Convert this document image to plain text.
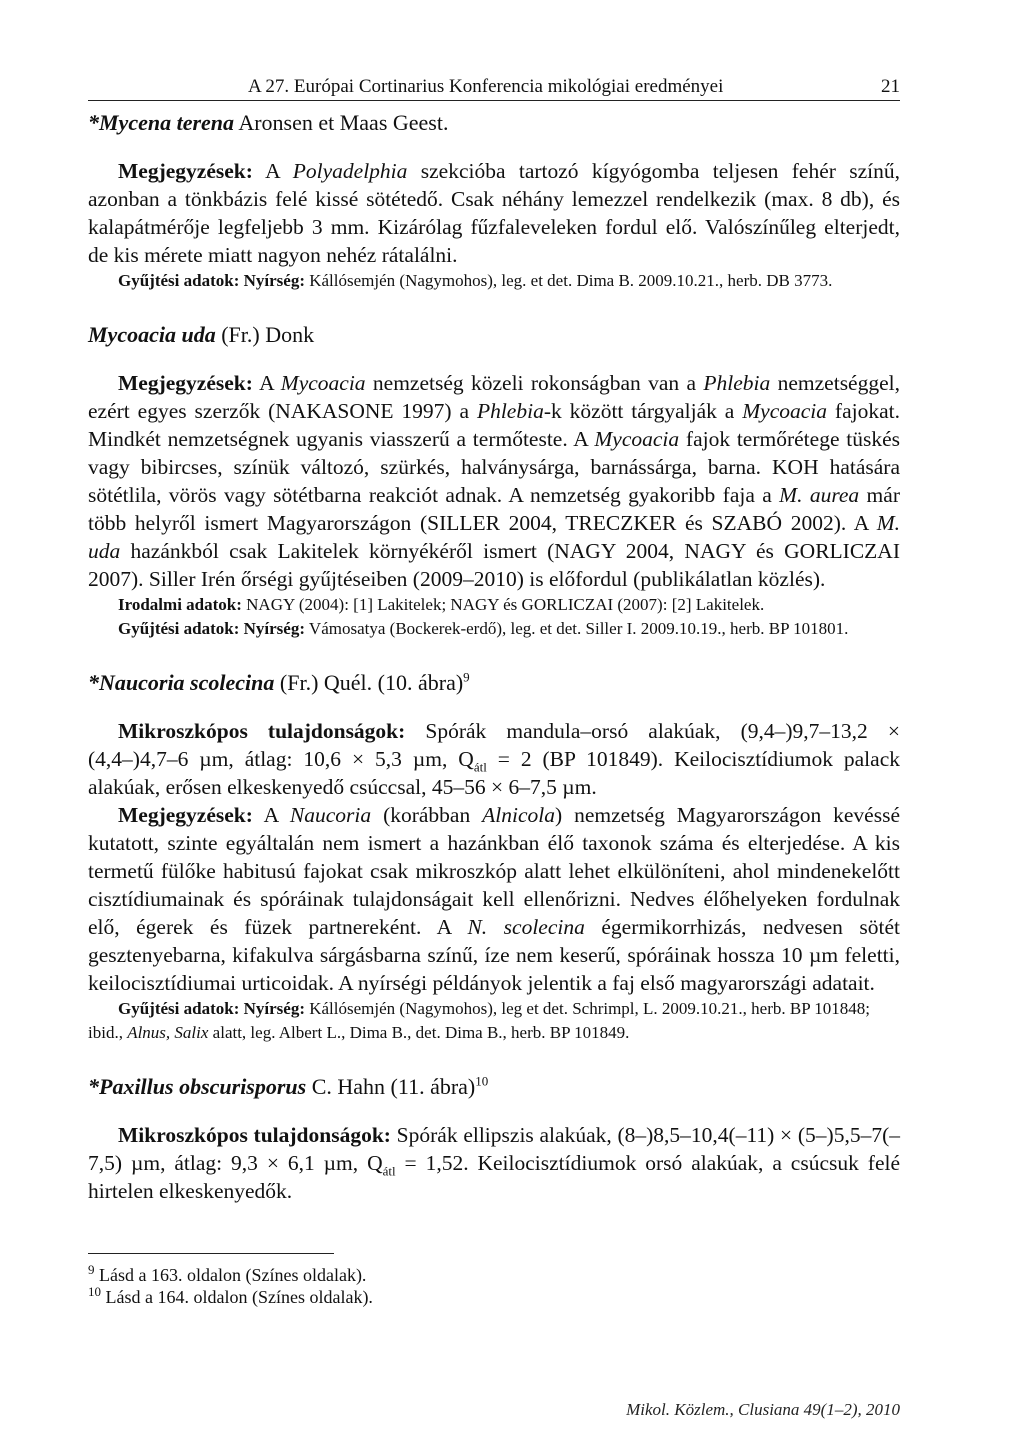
A 27. Európai Cortinarius Konferencia mikológiai eredményei	21
*Mycena terena Aronsen et Maas Geest.

Megjegyzések: A Polyadelphia szekcióba tartozó kígyógomba teljesen fehér színű, azonban a tönkbázis felé kissé sötétedő. Csak néhány lemezzel rendelkezik (max. 8 db), és kalapátmérője legfeljebb 3 mm. Kizárólag fűzfaleveleken fordul elő. Valószínűleg elterjedt, de kis mérete miatt nagyon nehéz rátalálni.

Gyűjtési adatok: Nyírség: Kállósemjén (Nagymohos), leg. et det. Dima B. 2009.10.21., herb. DB 3773.

Mycoacia uda (Fr.) Donk

Megjegyzések: A Mycoacia nemzetség közeli rokonságban van a Phlebia nemzetséggel, ezért egyes szerzők (NAKASONE 1997) a Phlebia-k között tárgyalják a Mycoacia fajokat. Mindkét nemzetségnek ugyanis viasszerű a termőteste. A Mycoacia fajok termőrétege tüskés vagy bibircses, színük változó, szürkés, halványsárga, barnássárga, barna. KOH hatására sötétlila, vörös vagy sötétbarna reakciót adnak. A nemzetség gyakoribb faja a M. aurea már több helyről ismert Magyarországon (SILLER 2004, TRECZKER és SZABÓ 2002). A M. uda hazánkból csak Lakitelek környékéről ismert (NAGY 2004, NAGY és GORLICZAI 2007). Siller Irén őrségi gyűjtéseiben (2009–2010) is előfordul (publikálatlan közlés).

Irodalmi adatok: NAGY (2004): [1] Lakitelek; NAGY és GORLICZAI (2007): [2] Lakitelek.

Gyűjtési adatok: Nyírség: Vámosatya (Bockerek-erdő), leg. et det. Siller I. 2009.10.19., herb. BP 101801.

*Naucoria scolecina (Fr.) Quél. (10. ábra)$^9$

Mikroszkópos tulajdonságok: Spórák mandula–orsó alakúak, (9,4–)9,7–13,2 × (4,4–)4,7–6 µm, átlag: 10,6 × 5,3 µm, $Q_{átl} = 2$ (BP 101849). Keilocisztídiumok palack alakúak, erősen elkeskenyedő csúccsal, 45–56 × 6–7,5 µm.

Megjegyzések: A Naucoria (korábban Alnicola) nemzetség Magyarországon kevéssé kutatott, szinte egyáltalán nem ismert a hazánkban élő taxonok száma és elterjedése. A kis termetű fülőke habitusú fajokat csak mikroszkóp alatt lehet elkülöníteni, ahol mindenekelőtt cisztídiumainak és spóráinak tulajdonságait kell ellenőrizni. Nedves élőhelyeken fordulnak elő, égerek és füzek partnereként. A N. scolecina égermikorrhizás, nedvesen sötét gesztenyebarna, kifakulva sárgásbarna színű, íze nem keserű, spóráinak hossza 10 µm feletti, keilocisztídiumai urticoidak. A nyírségi példányok jelentik a faj első magyarországi adatait.

Gyűjtési adatok: Nyírség: Kállósemjén (Nagymohos), leg et det. Schrimpl, L. 2009.10.21., herb. BP 101848; ibid., Alnus, Salix alatt, leg. Albert L., Dima B., det. Dima B., herb. BP 101849.

*Paxillus obscurisporus C. Hahn (11. ábra)$^{10}$

Mikroszkópos tulajdonságok: Spórák ellipszis alakúak, (8–)8,5–10,4(–11) × (5–)5,5–7(–7,5) µm, átlag: 9,3 × 6,1 µm, $Q_{átl} = 1,52$. Keilocisztídiumok orsó alakúak, a csúcsuk felé hirtelen elkeskenyedők.

$^9$ Lásd a 163. oldalon (Színes oldalak).
$^{10}$ Lásd a 164. oldalon (Színes oldalak).
Mikol. Közlem., Clusiana 49(1–2), 2010
